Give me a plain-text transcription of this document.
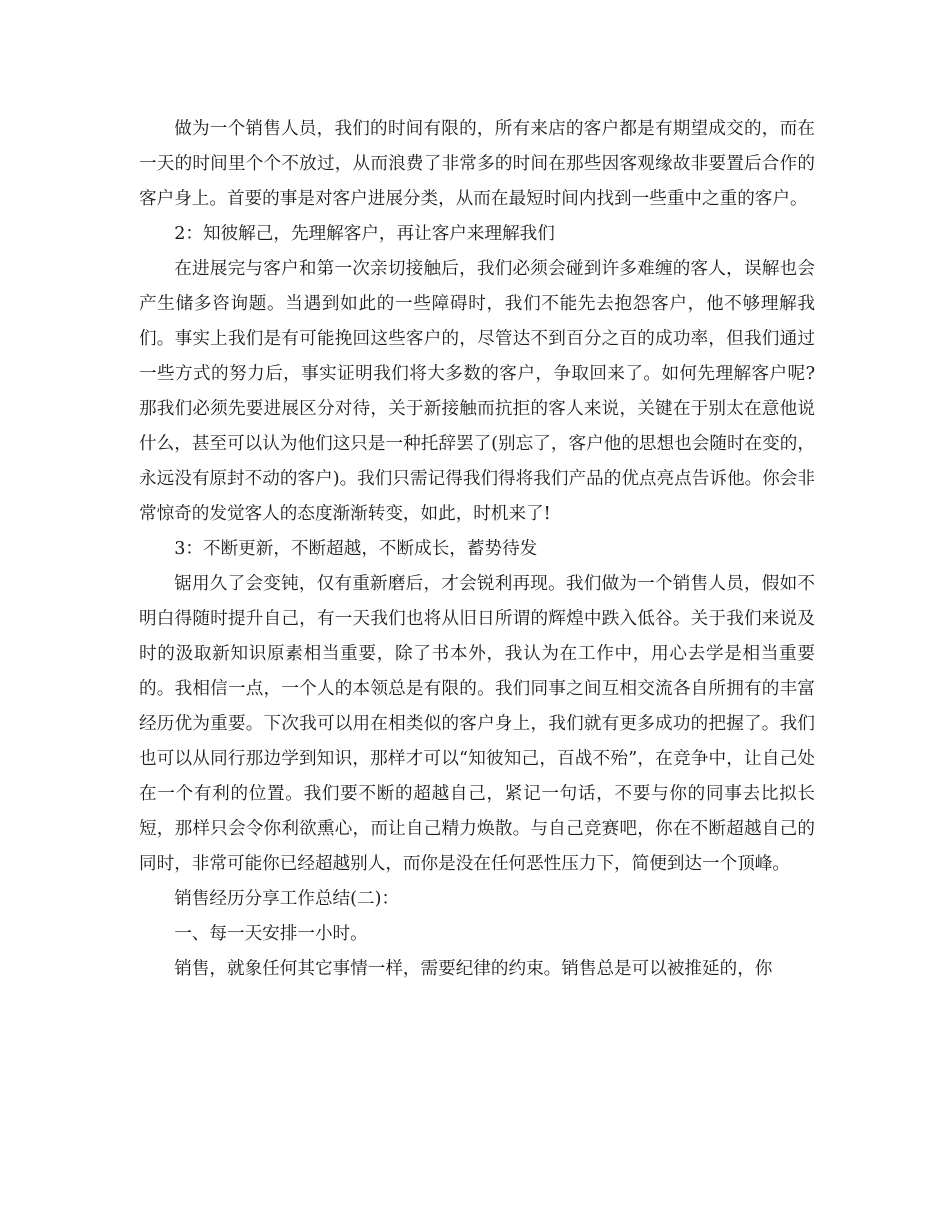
做为一个销售人员，我们的时间有限的，所有来店的客户都是有期望成交的，而在一天的时间里个个不放过，从而浪费了非常多的时间在那些因客观缘故非要置后合作的客户身上。首要的事是对客户进展分类，从而在最短时间内找到一些重中之重的客户。

2：知彼解己，先理解客户，再让客户来理解我们

在进展完与客户和第一次亲切接触后，我们必须会碰到许多难缠的客人，误解也会产生储多咨询题。当遇到如此的一些障碍时，我们不能先去抱怨客户，他不够理解我们。事实上我们是有可能挽回这些客户的，尽管达不到百分之百的成功率，但我们通过一些方式的努力后，事实证明我们将大多数的客户，争取回来了。如何先理解客户呢?那我们必须先要进展区分对待，关于新接触而抗拒的客人来说，关键在于别太在意他说什么，甚至可以认为他们这只是一种托辞罢了(别忘了，客户他的思想也会随时在变的，永远没有原封不动的客户)。我们只需记得我们得将我们产品的优点亮点告诉他。你会非常惊奇的发觉客人的态度渐渐转变，如此，时机来了!

3：不断更新，不断超越，不断成长，蓄势待发

锯用久了会变钝，仅有重新磨后，才会锐利再现。我们做为一个销售人员，假如不明白得随时提升自己，有一天我们也将从旧日所谓的辉煌中跌入低谷。关于我们来说及时的汲取新知识原素相当重要，除了书本外，我认为在工作中，用心去学是相当重要的。我相信一点，一个人的本领总是有限的。我们同事之间互相交流各自所拥有的丰富经历优为重要。下次我可以用在相类似的客户身上，我们就有更多成功的把握了。我们也可以从同行那边学到知识，那样才可以“知彼知己，百战不殆”，在竞争中，让自己处在一个有利的位置。我们要不断的超越自己，紧记一句话，不要与你的同事去比拟长短，那样只会令你利欲熏心，而让自己精力焕散。与自己竞赛吧，你在不断超越自己的同时，非常可能你已经超越别人，而你是没在任何恶性压力下，简便到达一个顶峰。

销售经历分享工作总结(二)：

一、每一天安排一小时。

销售，就象任何其它事情一样，需要纪律的约束。销售总是可以被推延的，你
